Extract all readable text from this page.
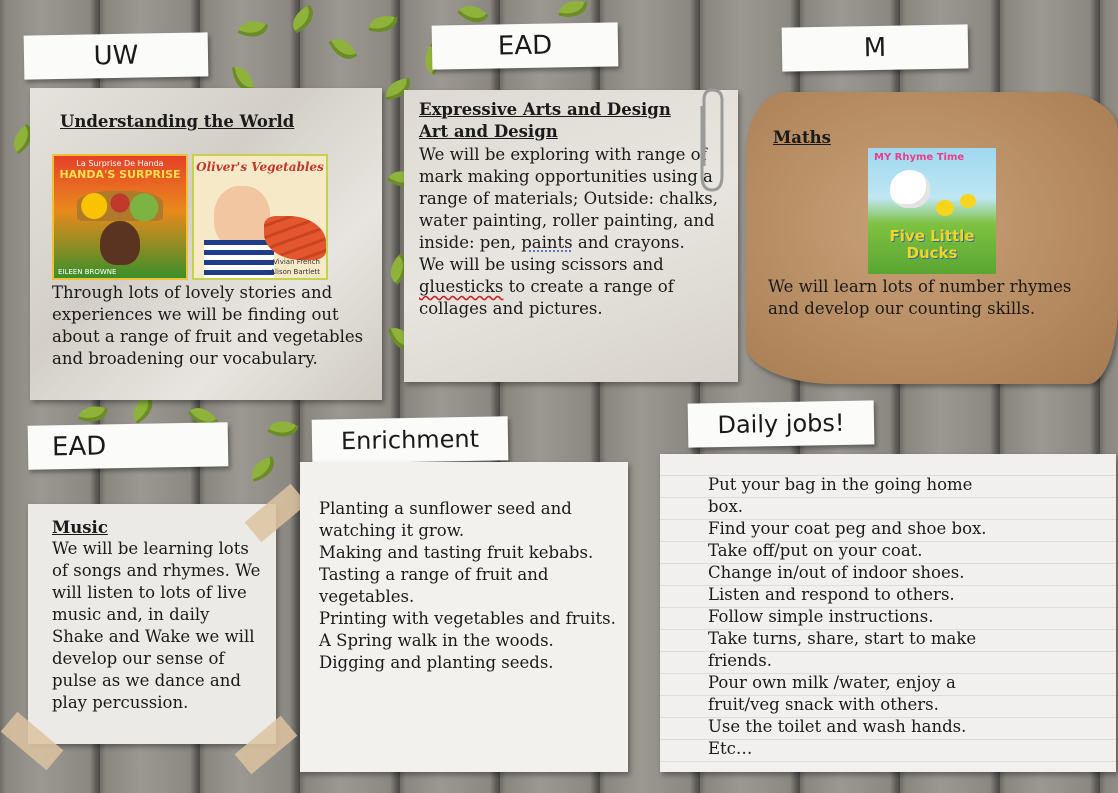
UW	EAD	M
EAD	Enrichment
Daily jobs!
Understanding the World
La Surprise De Handa
HANDA'S SURPRISE
EILEEN BROWNE
Oliver's Vegetables
Vivian French
Alison Bartlett
Through lots of lovely stories and experiences we will be finding out about a range of fruit and vegetables and broadening our vocabulary.
Expressive Arts and Design
Art and Design
We will be exploring with range of mark making opportunities using a range of materials; Outside: chalks, water painting, roller painting, and inside: pen, paints and crayons.
We will be using scissors and gluesticks to create a range of collages and pictures.
Maths
MY Rhyme Time
Five Little Ducks
We will learn lots of number rhymes and develop our counting skills.
Music
We will be learning lots of songs and rhymes. We will listen to lots of live music and, in daily Shake and Wake we will develop our sense of pulse as we dance and play percussion.
Planting a sunflower seed and watching it grow.
Making and tasting fruit kebabs.
Tasting a range of fruit and vegetables.
Printing with vegetables and fruits.
A Spring walk in the woods.
Digging and planting seeds.
Put your bag in the going home box.
Find your coat peg and shoe box.
Take off/put on your coat.
Change in/out of indoor shoes.
Listen and respond to others.
Follow simple instructions.
Take turns, share, start to make friends.
Pour own milk /water, enjoy a fruit/veg snack with others.
Use the toilet and wash hands. Etc…
